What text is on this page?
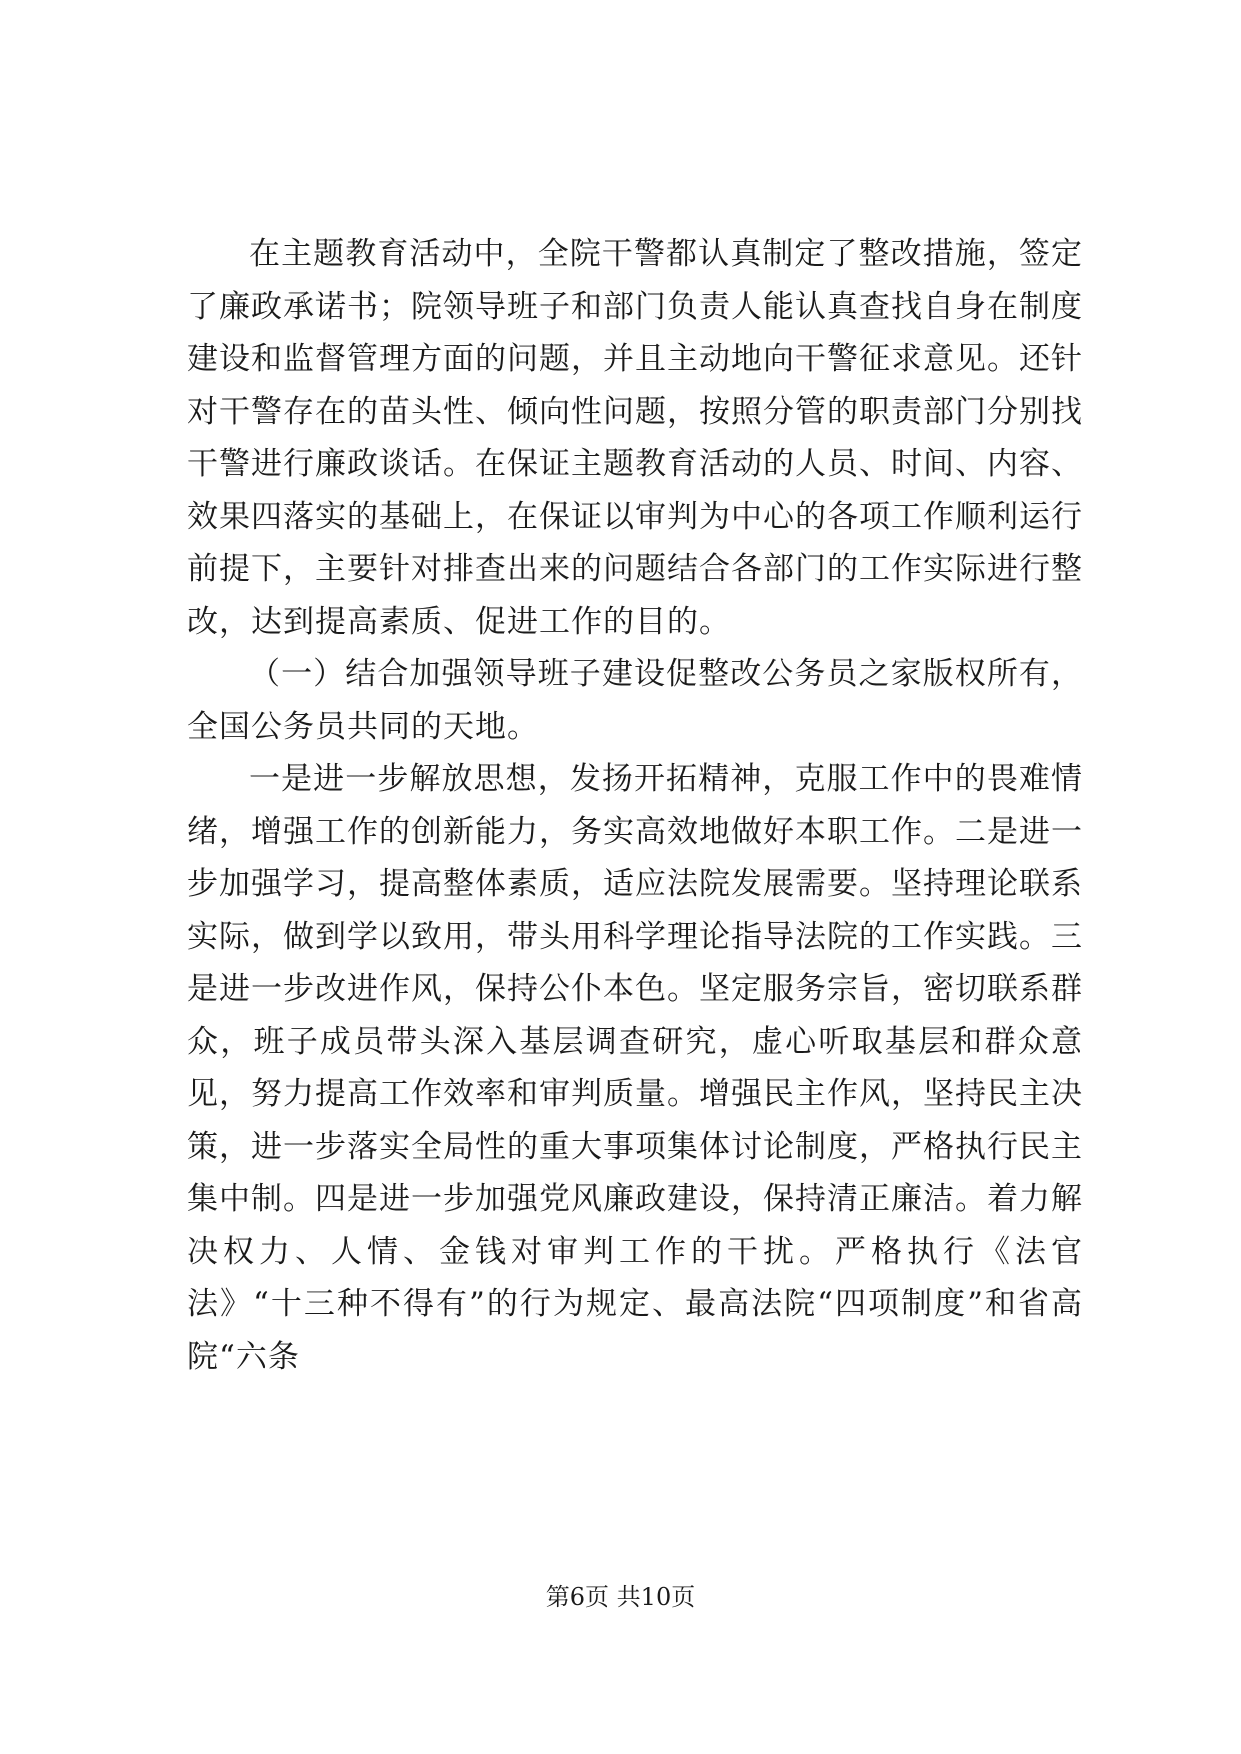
在主题教育活动中，全院干警都认真制定了整改措施，签定了廉政承诺书；院领导班子和部门负责人能认真查找自身在制度建设和监督管理方面的问题，并且主动地向干警征求意见。还针对干警存在的苗头性、倾向性问题，按照分管的职责部门分别找干警进行廉政谈话。在保证主题教育活动的人员、时间、内容、效果四落实的基础上，在保证以审判为中心的各项工作顺利运行前提下，主要针对排查出来的问题结合各部门的工作实际进行整改，达到提高素质、促进工作的目的。

（一）结合加强领导班子建设促整改公务员之家版权所有，全国公务员共同的天地。

一是进一步解放思想，发扬开拓精神，克服工作中的畏难情绪，增强工作的创新能力，务实高效地做好本职工作。二是进一步加强学习，提高整体素质，适应法院发展需要。坚持理论联系实际，做到学以致用，带头用科学理论指导法院的工作实践。三是进一步改进作风，保持公仆本色。坚定服务宗旨，密切联系群众，班子成员带头深入基层调查研究，虚心听取基层和群众意见，努力提高工作效率和审判质量。增强民主作风，坚持民主决策，进一步落实全局性的重大事项集体讨论制度，严格执行民主集中制。四是进一步加强党风廉政建设，保持清正廉洁。着力解决权力、人情、金钱对审判工作的干扰。严格执行《法官法》“十三种不得有”的行为规定、最高法院“四项制度”和省高院“六条

第6页 共10页
